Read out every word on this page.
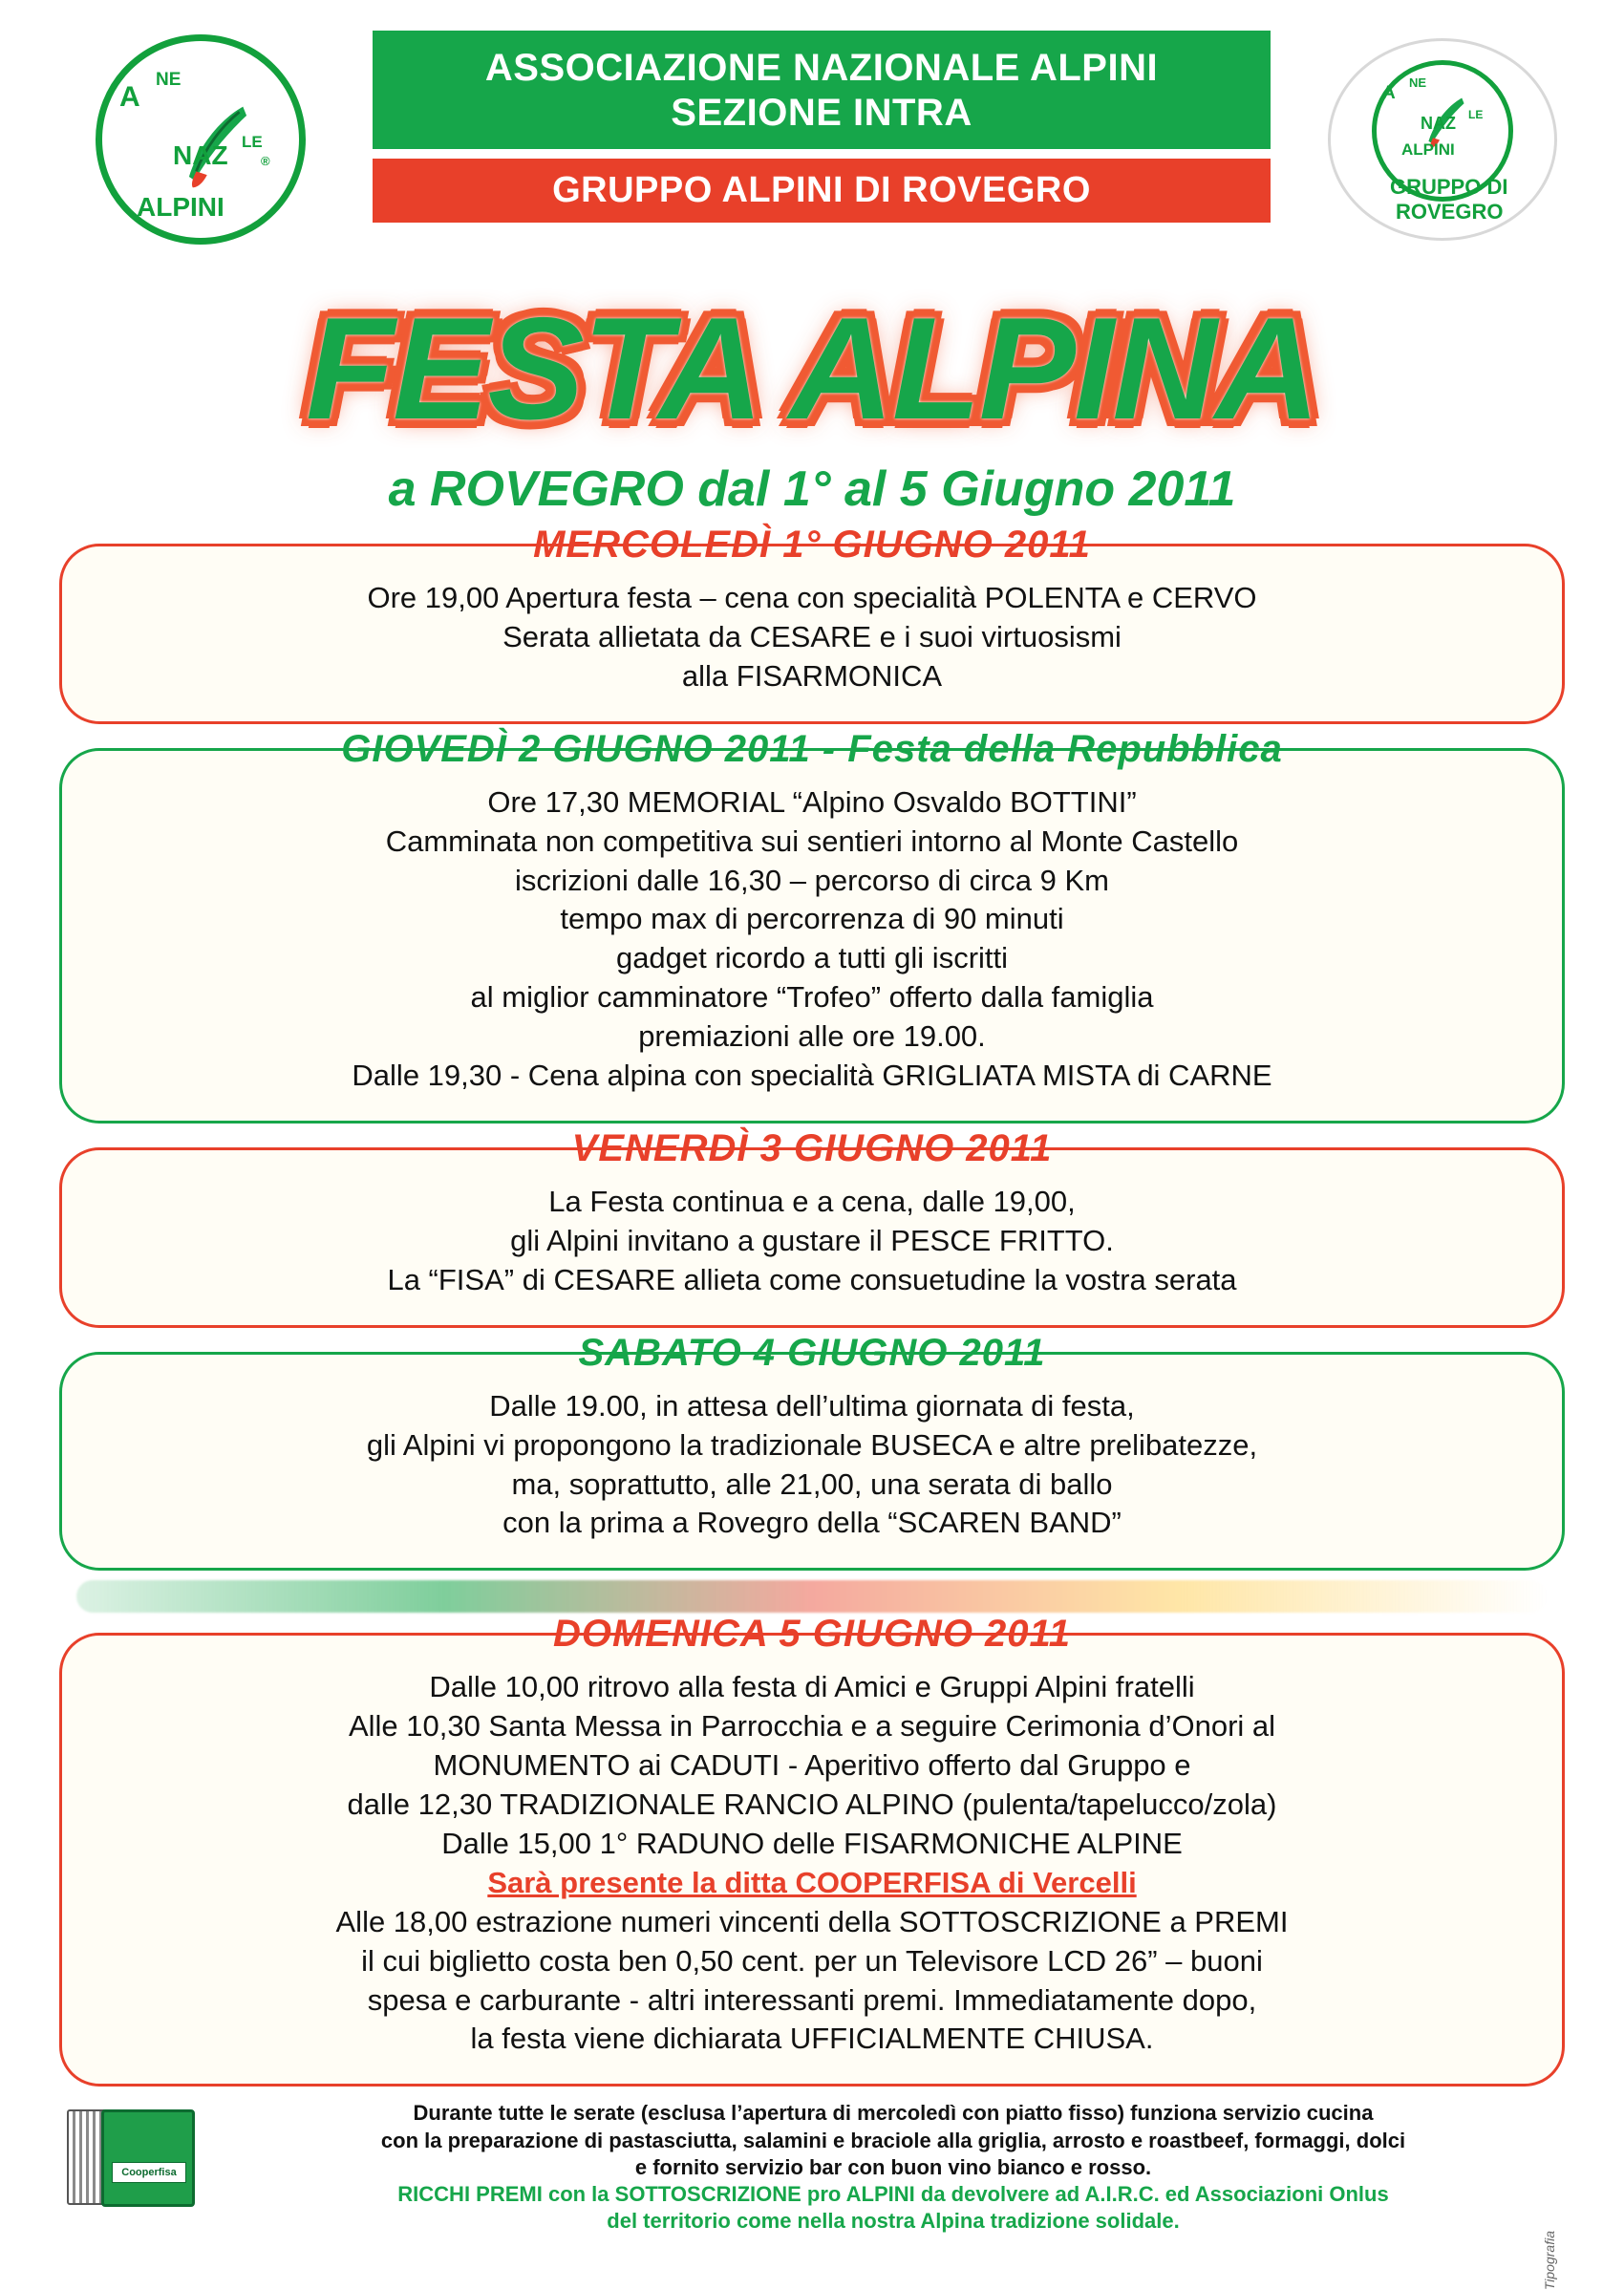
A
NE
NAZ LE
®
ALPINI
ASSOCIAZIONE NAZIONALE ALPINI
SEZIONE INTRA
GRUPPO ALPINI DI ROVEGRO
A
NE
NAZ LE
ALPINI
GRUPPO DI
ROVEGRO
FESTA ALPINA
a ROVEGRO dal 1° al 5 Giugno 2011
MERCOLEDÌ 1° GIUGNO 2011

Ore 19,00 Apertura festa – cena con specialità POLENTA e CERVO

Serata allietata da CESARE e i suoi virtuosismi

alla FISARMONICA

GIOVEDÌ 2 GIUGNO 2011 - Festa della Repubblica

Ore 17,30 MEMORIAL “Alpino Osvaldo BOTTINI”

Camminata non competitiva sui sentieri intorno al Monte Castello

iscrizioni dalle 16,30 – percorso di circa 9 Km

tempo max di percorrenza di 90 minuti

gadget ricordo a tutti gli iscritti

al miglior camminatore “Trofeo” offerto dalla famiglia

premiazioni alle ore 19.00.

Dalle 19,30 - Cena alpina con specialità GRIGLIATA MISTA di CARNE

VENERDÌ 3 GIUGNO 2011

La Festa continua e a cena, dalle 19,00,

gli Alpini invitano a gustare il PESCE FRITTO.

La “FISA” di CESARE allieta come consuetudine la vostra serata

SABATO 4 GIUGNO 2011

Dalle 19.00, in attesa dell’ultima giornata di festa,

gli Alpini vi propongono la tradizionale BUSECA e altre prelibatezze,

ma, soprattutto, alle 21,00, una serata di ballo

con la prima a Rovegro della “SCAREN BAND”

DOMENICA 5 GIUGNO 2011

Dalle 10,00 ritrovo alla festa di Amici e Gruppi Alpini fratelli

Alle 10,30 Santa Messa in Parrocchia e a seguire Cerimonia d’Onori al

MONUMENTO ai CADUTI - Aperitivo offerto dal Gruppo e

dalle 12,30 TRADIZIONALE RANCIO ALPINO (pulenta/tapelucco/zola)

Dalle 15,00 1° RADUNO delle FISARMONICHE ALPINE

Sarà presente la ditta COOPERFISA di Vercelli

Alle 18,00 estrazione numeri vincenti della SOTTOSCRIZIONE a PREMI

il cui biglietto costa ben 0,50 cent. per un Televisore LCD 26” – buoni

spesa e carburante - altri interessanti premi. Immediatamente dopo,

la festa viene dichiarata UFFICIALMENTE CHIUSA.

Cooperfisa
Durante tutte le serate (esclusa l’apertura di mercoledì con piatto fisso) funziona servizio cucina
con la preparazione di pastasciutta, salamini e braciole alla griglia, arrosto e roastbeef, formaggi, dolci
e fornito servizio bar con buon vino bianco e rosso.
RICCHI PREMI con la SOTTOSCRIZIONE pro ALPINI da devolvere ad A.I.R.C. ed Associazioni Onlus
del territorio come nella nostra Alpina tradizione solidale.
Tipografia
